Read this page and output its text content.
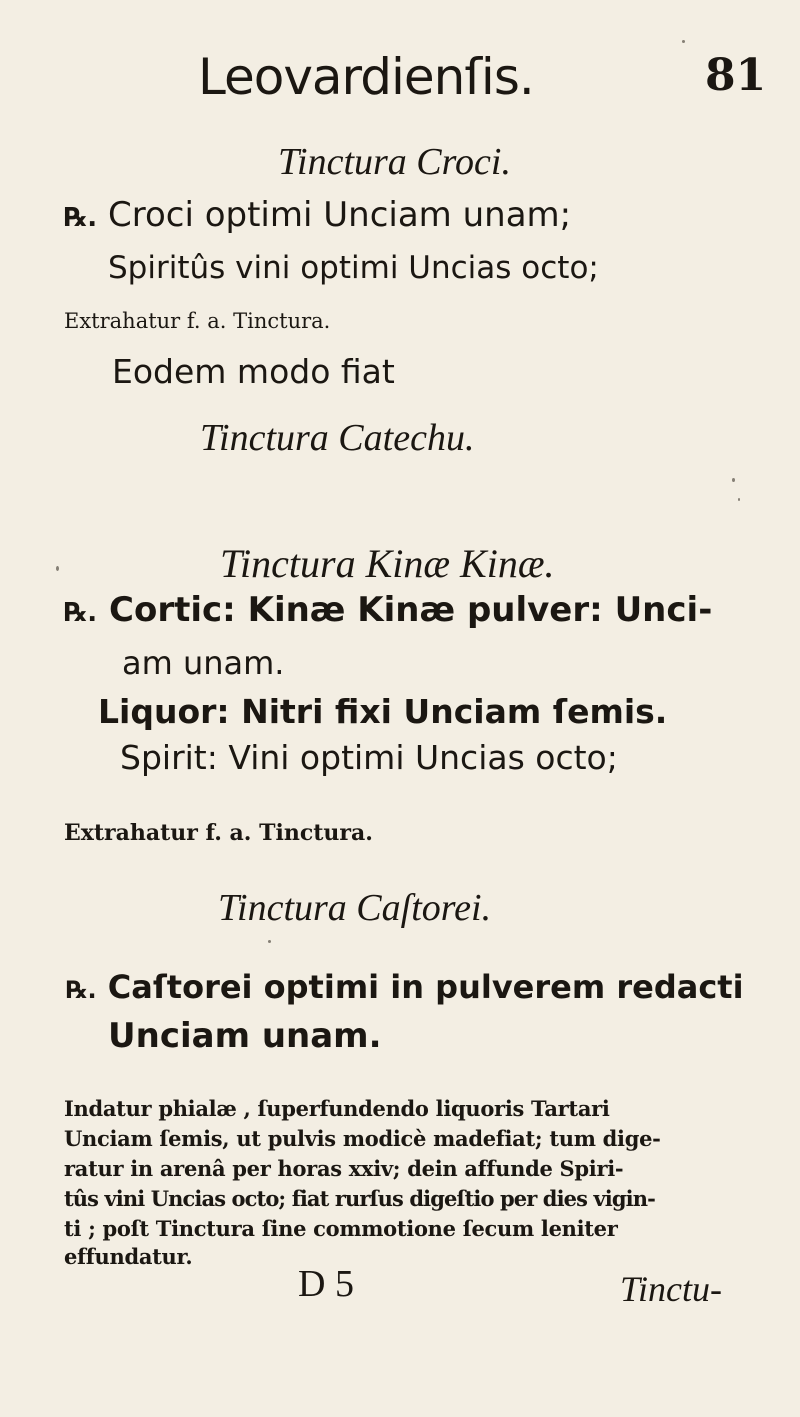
Leovardienſis.	81
Tinctura Croci.
℞. Croci optimi Unciam unam;
Spiritûs vini optimi Uncias octo;
Extrahatur f. a. Tinctura.
Eodem modo fiat
Tinctura Catechu.
Tinctura Kinæ Kinæ.
℞. Cortic: Kinæ Kinæ pulver: Unci-
am unam.
Liquor: Nitri fixi Unciam ſemis.
Spirit: Vini optimi Uncias octo;
Extrahatur f. a. Tinctura.
Tinctura Caſtorei.
℞. Caſtorei optimi in pulverem redacti
Unciam unam.
Indatur phialæ , ſuperfundendo liquoris Tartari
Unciam ſemis, ut pulvis modicè madefiat; tum dige-
ratur in arenâ per horas xxiv; dein affunde Spiri-
tûs vini Uncias octo; fiat rurſus digeſtio per dies vigin-
ti ; poſt Tinctura ſine commotione ſecum leniter
effundatur.
D 5	Tinctu-
